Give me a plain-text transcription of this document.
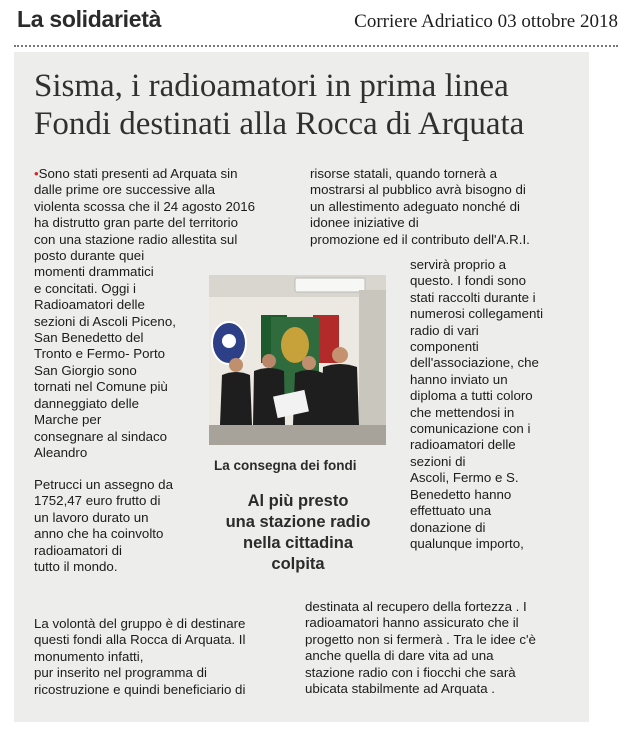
La solidarietà	Corriere Adriatico 03 ottobre 2018
Sisma, i radioamatori in prima linea
Fondi destinati alla Rocca di Arquata

•Sono stati presenti ad Arquata sin

dalle prime ore successive alla

violenta scossa che il 24 agosto 2016

ha distrutto gran parte del territorio

con una stazione radio allestita sul

posto durante quei

momenti drammatici

e concitati. Oggi i

Radioamatori delle

sezioni di Ascoli Piceno,

San Benedetto del

Tronto e Fermo- Porto

San Giorgio sono

tornati nel Comune più

danneggiato delle

Marche per

consegnare al sindaco

Aleandro

Petrucci un assegno da

1752,47 euro frutto di

un lavoro durato un

anno che ha coinvolto

radioamatori di

tutto il mondo.

La volontà del gruppo è di destinare

questi fondi alla Rocca di Arquata. Il

monumento infatti,

pur inserito nel programma di

ricostruzione e quindi beneficiario di

risorse statali, quando tornerà a

mostrarsi al pubblico avrà bisogno di

un allestimento adeguato nonché di

idonee iniziative di

promozione ed il contributo dell'A.R.I.

servirà proprio a

questo. I fondi sono

stati raccolti durante i

numerosi collegamenti

radio di vari

componenti

dell'associazione, che

hanno inviato un

diploma a tutti coloro

che mettendosi in

comunicazione con i

radioamatori delle

sezioni di

Ascoli, Fermo e S.

Benedetto hanno

effettuato una

donazione di

qualunque importo,

destinata al recupero della fortezza . I

radioamatori hanno assicurato che il

progetto non si fermerà . Tra le idee c'è

anche quella di dare vita ad una

stazione radio con i fiocchi che sarà

ubicata stabilmente ad Arquata .

La consegna dei fondi
Al più presto
una stazione radio
nella cittadina
colpita
